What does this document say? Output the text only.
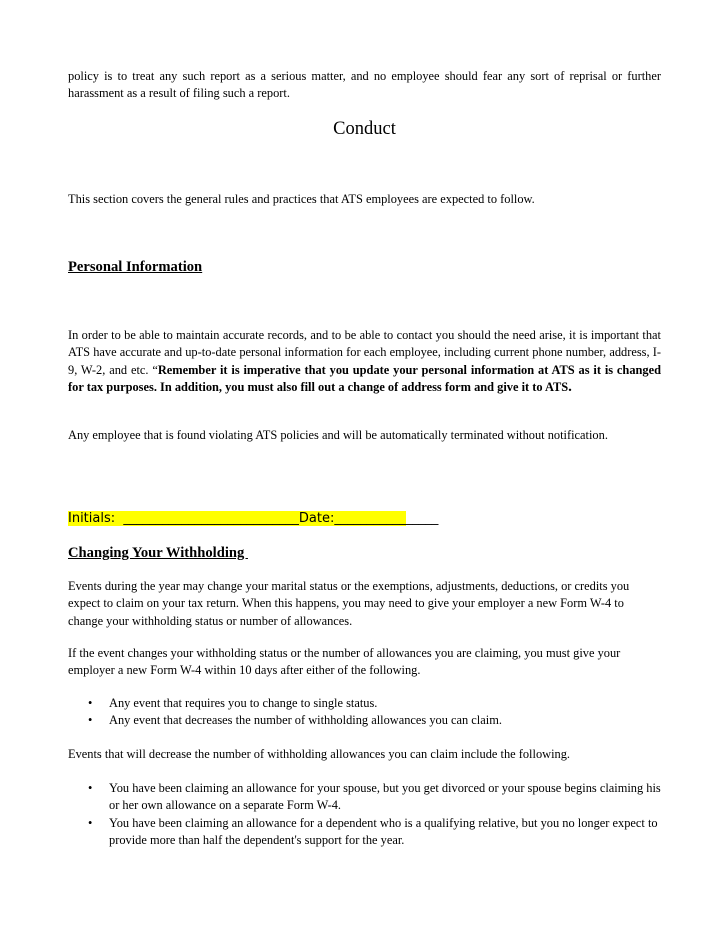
policy is to treat any such report as a serious matter, and no employee should fear any sort of reprisal or further harassment as a result of filing such a report.

Conduct

This section covers the general rules and practices that ATS employees are expected to follow.

Personal Information

In order to be able to maintain accurate records, and to be able to contact you should the need arise, it is important that ATS have accurate and up-to-date personal information for each employee, including current phone number, address, I-9, W-2, and etc. “Remember it is imperative that you update your personal information at ATS as it is changed for tax purposes. In addition, you must also fill out a change of address form and give it to ATS.

Any employee that is found violating ATS policies and will be automatically terminated without notification.

Initials: ___________________________Date:________________
Changing Your Withholding

Events during the year may change your marital status or the exemptions, adjustments, deductions, or credits you expect to claim on your tax return. When this happens, you may need to give your employer a new Form W-4 to change your withholding status or number of allowances.

If the event changes your withholding status or the number of allowances you are claiming, you must give your employer a new Form W-4 within 10 days after either of the following.

• Any event that requires you to change to single status.
• Any event that decreases the number of withholding allowances you can claim.

Events that will decrease the number of withholding allowances you can claim include the following.

• You have been claiming an allowance for your spouse, but you get divorced or your spouse begins claiming his or her own allowance on a separate Form W-4.
• You have been claiming an allowance for a dependent who is a qualifying relative, but you no longer expect to provide more than half the dependent's support for the year.
